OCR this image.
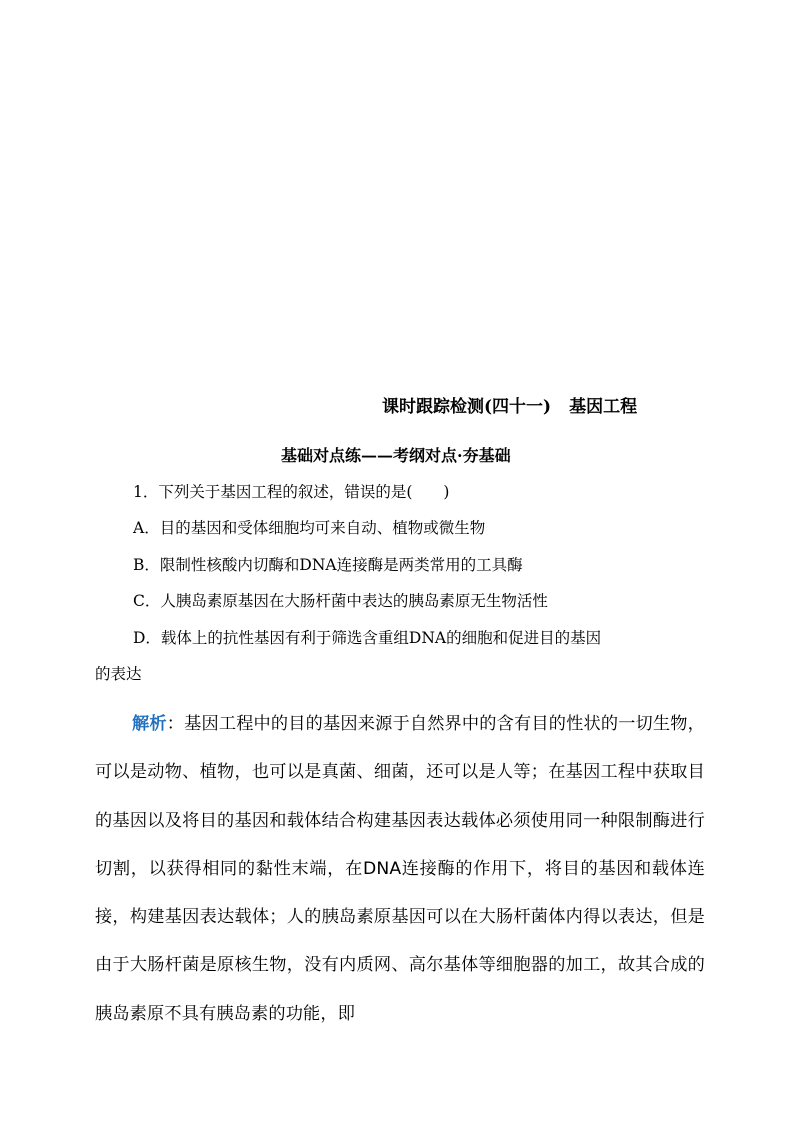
课时跟踪检测(四十一) 基因工程
基础对点练——考纲对点·夯基础
1．下列关于基因工程的叙述，错误的是(　　)
A．目的基因和受体细胞均可来自动、植物或微生物
B．限制性核酸内切酶和DNA连接酶是两类常用的工具酶
C．人胰岛素原基因在大肠杆菌中表达的胰岛素原无生物活性
D．载体上的抗性基因有利于筛选含重组DNA的细胞和促进目的基因
的表达
解析：基因工程中的目的基因来源于自然界中的含有目的性状的一切生物，可以是动物、植物，也可以是真菌、细菌，还可以是人等；在基因工程中获取目的基因以及将目的基因和载体结合构建基因表达载体必须使用同一种限制酶进行切割，以获得相同的黏性末端，在DNA连接酶的作用下，将目的基因和载体连接，构建基因表达载体；人的胰岛素原基因可以在大肠杆菌体内得以表达，但是由于大肠杆菌是原核生物，没有内质网、高尔基体等细胞器的加工，故其合成的胰岛素原不具有胰岛素的功能，即
